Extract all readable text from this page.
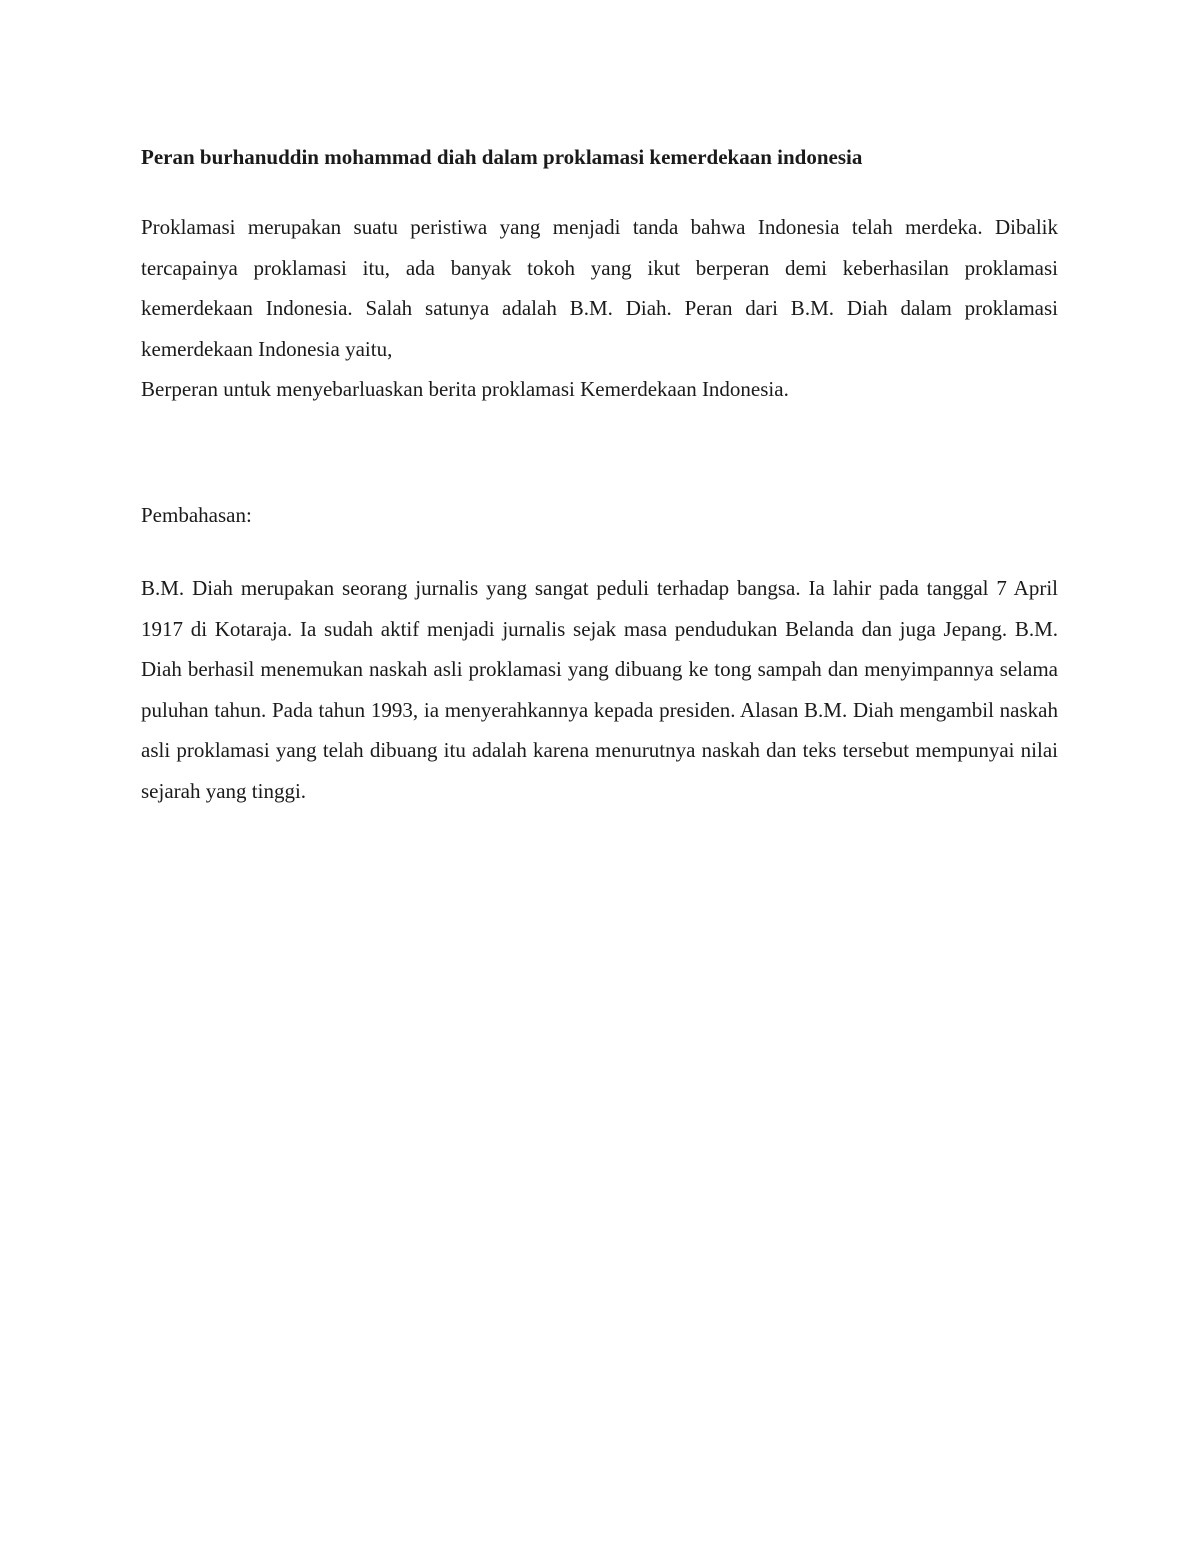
Peran burhanuddin mohammad diah dalam proklamasi kemerdekaan indonesia

Proklamasi merupakan suatu peristiwa yang menjadi tanda bahwa Indonesia telah merdeka. Dibalik tercapainya proklamasi itu, ada banyak tokoh yang ikut berperan demi keberhasilan proklamasi kemerdekaan Indonesia. Salah satunya adalah B.M. Diah. Peran dari B.M. Diah dalam proklamasi kemerdekaan Indonesia yaitu,

Berperan untuk menyebarluaskan berita proklamasi Kemerdekaan Indonesia.

Pembahasan:

B.M. Diah merupakan seorang jurnalis yang sangat peduli terhadap bangsa. Ia lahir pada tanggal 7 April 1917 di Kotaraja. Ia sudah aktif menjadi jurnalis sejak masa pendudukan Belanda dan juga Jepang. B.M. Diah berhasil menemukan naskah asli proklamasi yang dibuang ke tong sampah dan menyimpannya selama puluhan tahun. Pada tahun 1993, ia menyerahkannya kepada presiden. Alasan B.M. Diah mengambil naskah asli proklamasi yang telah dibuang itu adalah karena menurutnya naskah dan teks tersebut mempunyai nilai sejarah yang tinggi.
